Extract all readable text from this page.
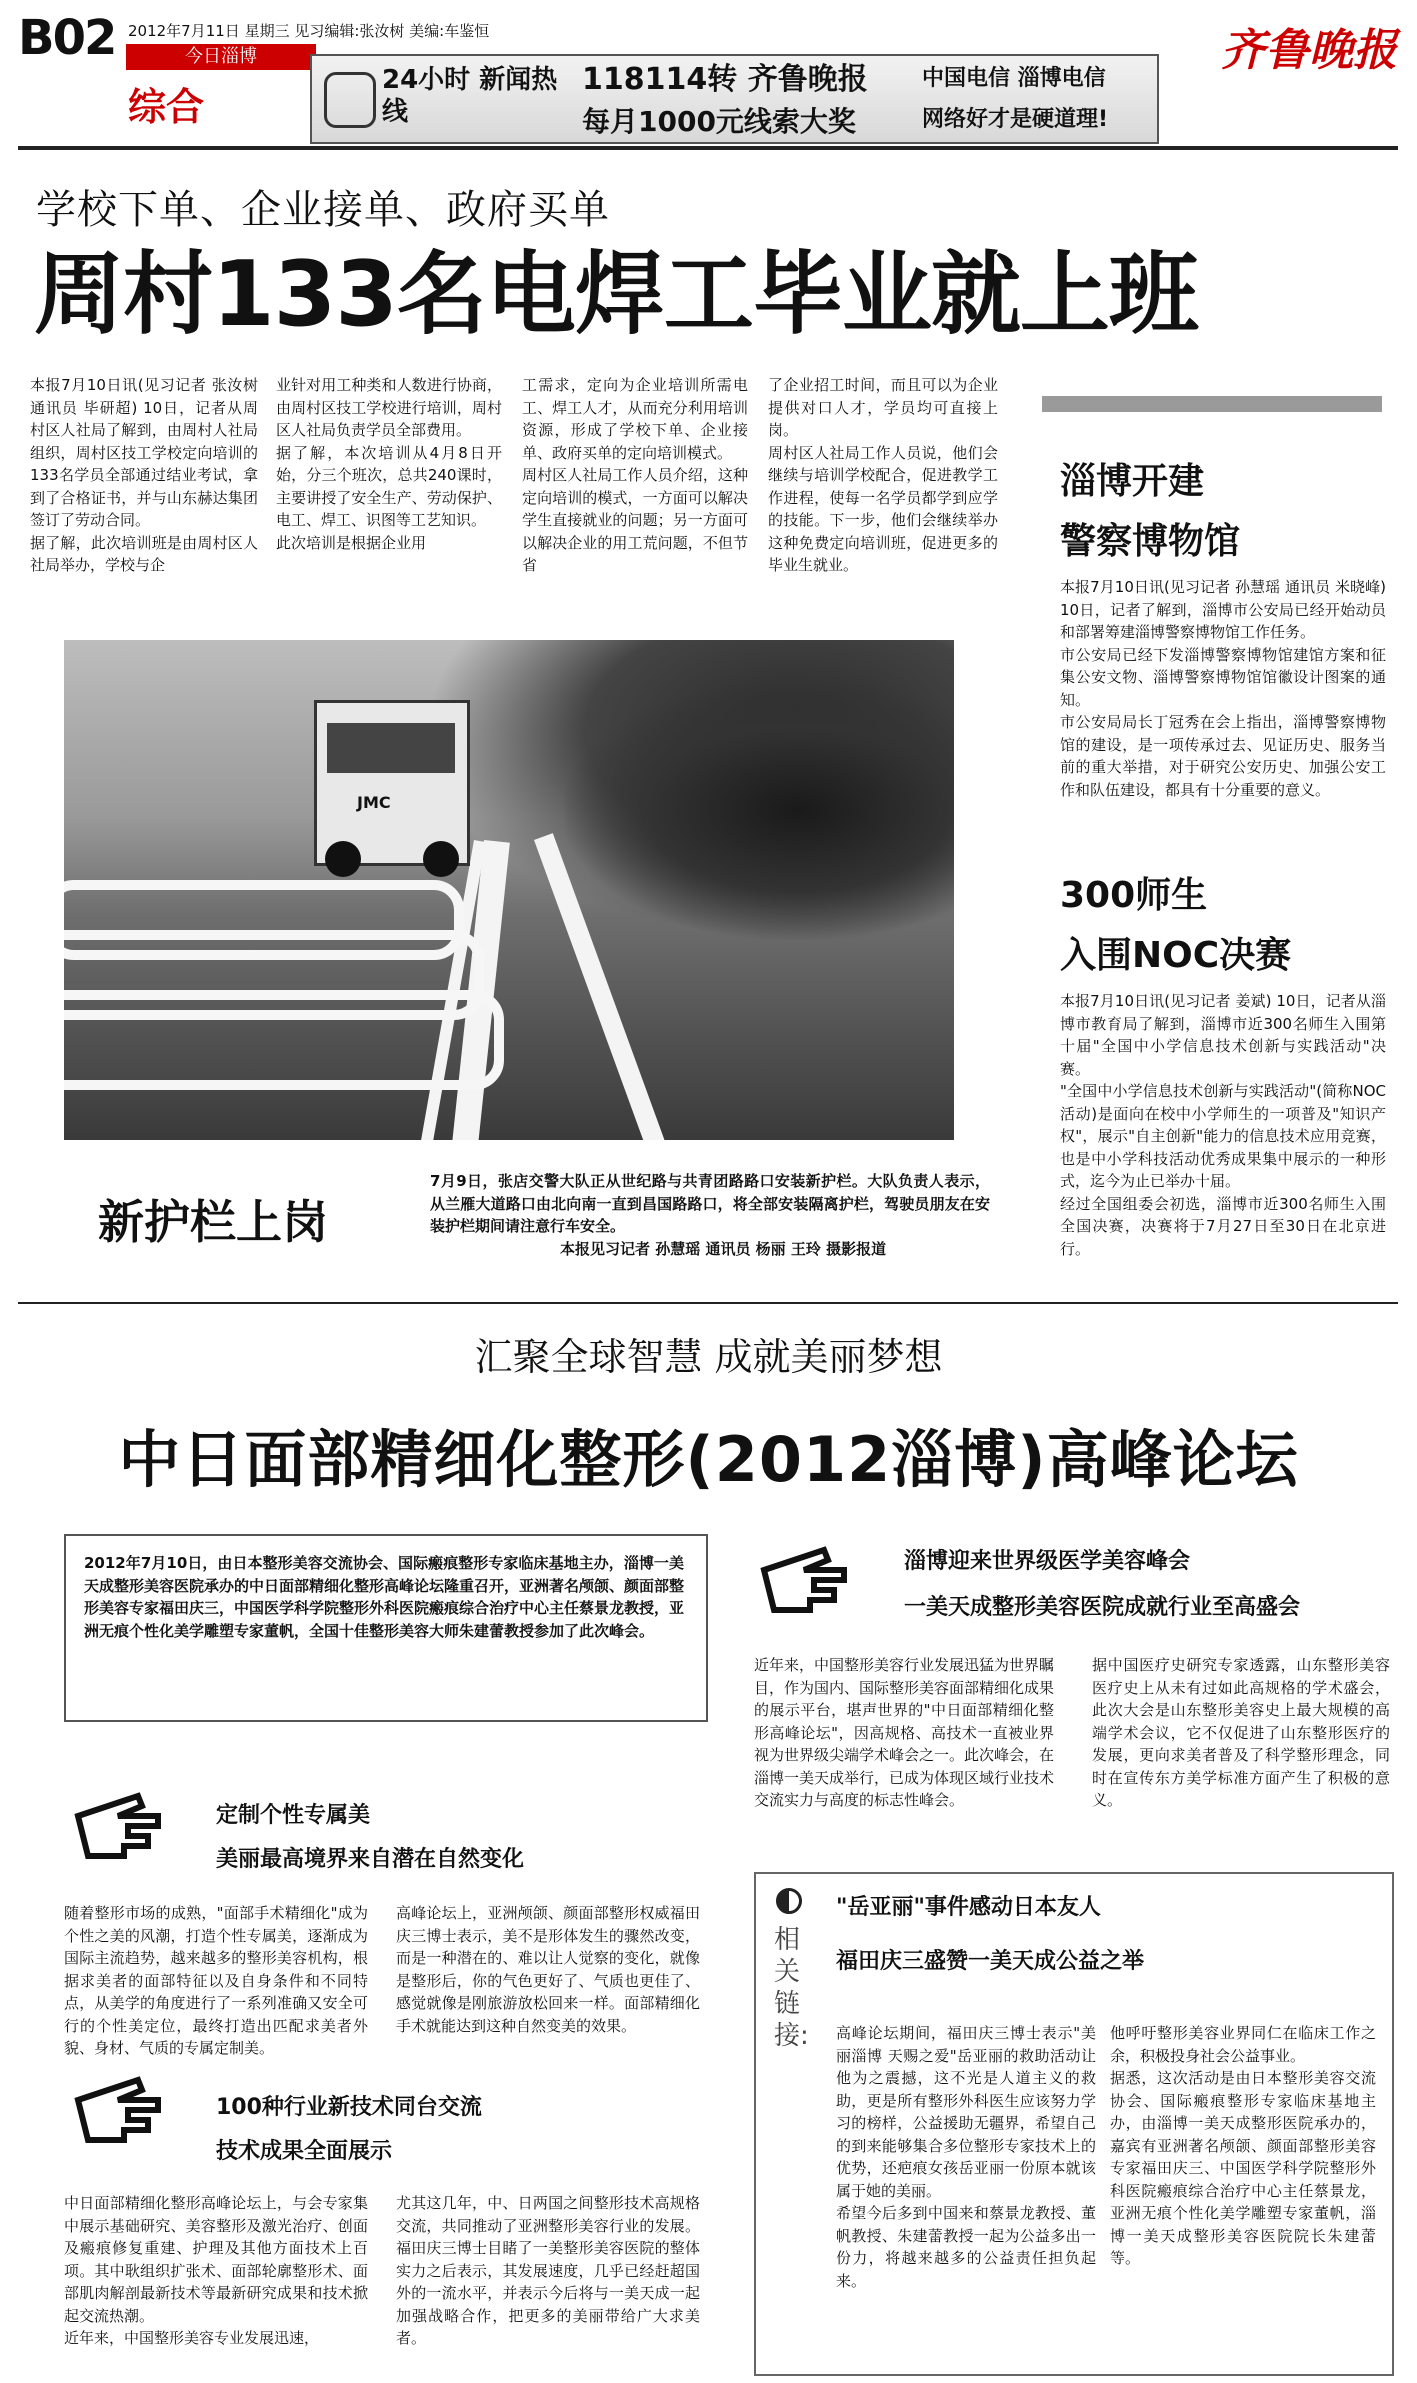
B02 2012年7月11日 星期三 见习编辑:张汝树 美编:车鉴恒
今日淄博
综合
齐鲁晚报
24小时 新闻热线
118114转 齐鲁晚报
每月1000元线索大奖
中国电信 淄博电信
网络好才是硬道理!
学校下单、企业接单、政府买单
周村133名电焊工毕业就上班
本报7月10日讯(见习记者 张汝树 通讯员 毕研超) 10日，记者从周村区人社局了解到，由周村人社局组织，周村区技工学校定向培训的133名学员全部通过结业考试，拿到了合格证书，并与山东赫达集团签订了劳动合同。
据了解，此次培训班是由周村区人社局举办，学校与企
业针对用工种类和人数进行协商，由周村区技工学校进行培训，周村区人社局负责学员全部费用。
据了解，本次培训从4月8日开始，分三个班次，总共240课时，主要讲授了安全生产、劳动保护、电工、焊工、识图等工艺知识。
此次培训是根据企业用
工需求，定向为企业培训所需电工、焊工人才，从而充分利用培训资源，形成了学校下单、企业接单、政府买单的定向培训模式。
周村区人社局工作人员介绍，这种定向培训的模式，一方面可以解决学生直接就业的问题；另一方面可以解决企业的用工荒问题，不但节省
了企业招工时间，而且可以为企业提供对口人才，学员均可直接上岗。
周村区人社局工作人员说，他们会继续与培训学校配合，促进教学工作进程，使每一名学员都学到应学的技能。下一步，他们会继续举办这种免费定向培训班，促进更多的毕业生就业。
淄博开建
警察博物馆
本报7月10日讯(见习记者 孙慧瑶 通讯员 米晓峰) 10日，记者了解到，淄博市公安局已经开始动员和部署筹建淄博警察博物馆工作任务。
市公安局已经下发淄博警察博物馆建馆方案和征集公安文物、淄博警察博物馆馆徽设计图案的通知。
市公安局局长丁冠秀在会上指出，淄博警察博物馆的建设，是一项传承过去、见证历史、服务当前的重大举措，对于研究公安历史、加强公安工作和队伍建设，都具有十分重要的意义。
300师生
入围NOC决赛
本报7月10日讯(见习记者 姜斌) 10日，记者从淄博市教育局了解到，淄博市近300名师生入围第十届"全国中小学信息技术创新与实践活动"决赛。
"全国中小学信息技术创新与实践活动"(简称NOC活动)是面向在校中小学师生的一项普及"知识产权"，展示"自主创新"能力的信息技术应用竞赛，也是中小学科技活动优秀成果集中展示的一种形式，迄今为止已举办十届。
经过全国组委会初选，淄博市近300名师生入围全国决赛，决赛将于7月27日至30日在北京进行。
JMC
新护栏上岗
7月9日，张店交警大队正从世纪路与共青团路路口安装新护栏。大队负责人表示，从兰雁大道路口由北向南一直到昌国路路口，将全部安装隔离护栏，驾驶员朋友在安装护栏期间请注意行车安全。
本报见习记者 孙慧瑶 通讯员 杨丽 王玲 摄影报道
汇聚全球智慧 成就美丽梦想
中日面部精细化整形(2012淄博)高峰论坛
2012年7月10日，由日本整形美容交流协会、国际瘢痕整形专家临床基地主办，淄博一美天成整形美容医院承办的中日面部精细化整形高峰论坛隆重召开，亚洲著名颅颌、颜面部整形美容专家福田庆三，中国医学科学院整形外科医院瘢痕综合治疗中心主任蔡景龙教授，亚洲无痕个性化美学雕塑专家董帆，全国十佳整形美容大师朱建蕾教授参加了此次峰会。
淄博迎来世界级医学美容峰会
一美天成整形美容医院成就行业至高盛会
近年来，中国整形美容行业发展迅猛为世界瞩目，作为国内、国际整形美容面部精细化成果的展示平台，堪声世界的"中日面部精细化整形高峰论坛"，因高规格、高技术一直被业界视为世界级尖端学术峰会之一。此次峰会，在淄博一美天成举行，已成为体现区域行业技术交流实力与高度的标志性峰会。
据中国医疗史研究专家透露，山东整形美容医疗史上从未有过如此高规格的学术盛会，此次大会是山东整形美容史上最大规模的高端学术会议，它不仅促进了山东整形医疗的发展，更向求美者普及了科学整形理念，同时在宣传东方美学标准方面产生了积极的意义。
定制个性专属美
美丽最高境界来自潜在自然变化
随着整形市场的成熟，"面部手术精细化"成为个性之美的风潮，打造个性专属美，逐渐成为国际主流趋势，越来越多的整形美容机构，根据求美者的面部特征以及自身条件和不同特点，从美学的角度进行了一系列准确又安全可行的个性美定位，最终打造出匹配求美者外貌、身材、气质的专属定制美。
高峰论坛上，亚洲颅颌、颜面部整形权威福田庆三博士表示，美不是形体发生的骤然改变，而是一种潜在的、难以让人觉察的变化，就像是整形后，你的气色更好了、气质也更佳了、感觉就像是刚旅游放松回来一样。面部精细化手术就能达到这种自然变美的效果。
100种行业新技术同台交流
技术成果全面展示
中日面部精细化整形高峰论坛上，与会专家集中展示基础研究、美容整形及激光治疗、创面及瘢痕修复重建、护理及其他方面技术上百项。其中耿组织扩张术、面部轮廓整形术、面部肌肉解剖最新技术等最新研究成果和技术掀起交流热潮。
近年来，中国整形美容专业发展迅速，
尤其这几年，中、日两国之间整形技术高规格交流，共同推动了亚洲整形美容行业的发展。福田庆三博士目睹了一美整形美容医院的整体实力之后表示，其发展速度，几乎已经赶超国外的一流水平，并表示今后将与一美天成一起加强战略合作，把更多的美丽带给广大求美者。
相关链接:
"岳亚丽"事件感动日本友人
福田庆三盛赞一美天成公益之举
高峰论坛期间，福田庆三博士表示"美丽淄博 天赐之爱"岳亚丽的救助活动让他为之震撼，这不光是人道主义的救助，更是所有整形外科医生应该努力学习的榜样，公益援助无疆界，希望自己的到来能够集合多位整形专家技术上的优势，还疤痕女孩岳亚丽一份原本就该属于她的美丽。
希望今后多到中国来和蔡景龙教授、董帆教授、朱建蕾教授一起为公益多出一份力，将越来越多的公益责任担负起来。
他呼吁整形美容业界同仁在临床工作之余，积极投身社会公益事业。
据悉，这次活动是由日本整形美容交流协会、国际瘢痕整形专家临床基地主办，由淄博一美天成整形医院承办的，嘉宾有亚洲著名颅颌、颜面部整形美容专家福田庆三、中国医学科学院整形外科医院瘢痕综合治疗中心主任蔡景龙，亚洲无痕个性化美学雕塑专家董帆，淄博一美天成整形美容医院院长朱建蕾等。
